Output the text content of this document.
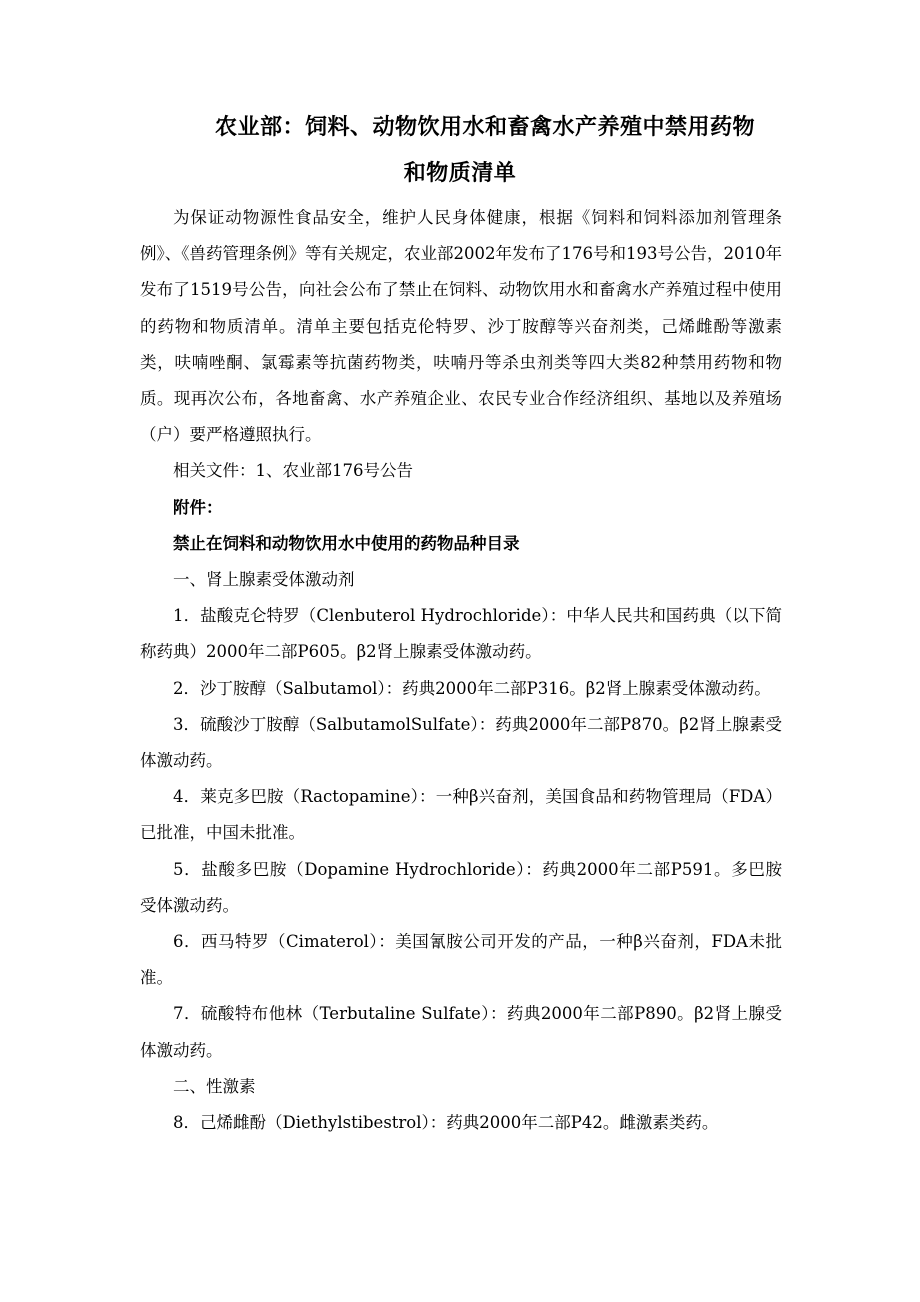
农业部：饲料、动物饮用水和畜禽水产养殖中禁用药物
和物质清单

为保证动物源性食品安全，维护人民身体健康，根据《饲料和饲料添加剂管理条例》、《兽药管理条例》等有关规定，农业部2002年发布了176号和193号公告，2010年发布了1519号公告，向社会公布了禁止在饲料、动物饮用水和畜禽水产养殖过程中使用的药物和物质清单。清单主要包括克伦特罗、沙丁胺醇等兴奋剂类，己烯雌酚等激素类，呋喃唑酮、氯霉素等抗菌药物类，呋喃丹等杀虫剂类等四大类82种禁用药物和物质。现再次公布，各地畜禽、水产养殖企业、农民专业合作经济组织、基地以及养殖场（户）要严格遵照执行。

相关文件：1、农业部176号公告

附件：

禁止在饲料和动物饮用水中使用的药物品种目录

一、肾上腺素受体激动剂

1．盐酸克仑特罗（Clenbuterol Hydrochloride）：中华人民共和国药典（以下简称药典）2000年二部P605。β2肾上腺素受体激动药。

2．沙丁胺醇（Salbutamol）：药典2000年二部P316。β2肾上腺素受体激动药。

3．硫酸沙丁胺醇（SalbutamolSulfate）：药典2000年二部P870。β2肾上腺素受体激动药。

4．莱克多巴胺（Ractopamine）：一种β兴奋剂，美国食品和药物管理局（FDA）已批准，中国未批准。

5．盐酸多巴胺（Dopamine Hydrochloride）：药典2000年二部P591。多巴胺受体激动药。

6．西马特罗（Cimaterol）：美国氰胺公司开发的产品，一种β兴奋剂，FDA未批准。

7．硫酸特布他林（Terbutaline Sulfate）：药典2000年二部P890。β2肾上腺受体激动药。

二、性激素

8．己烯雌酚（Diethylstibestrol）：药典2000年二部P42。雌激素类药。
